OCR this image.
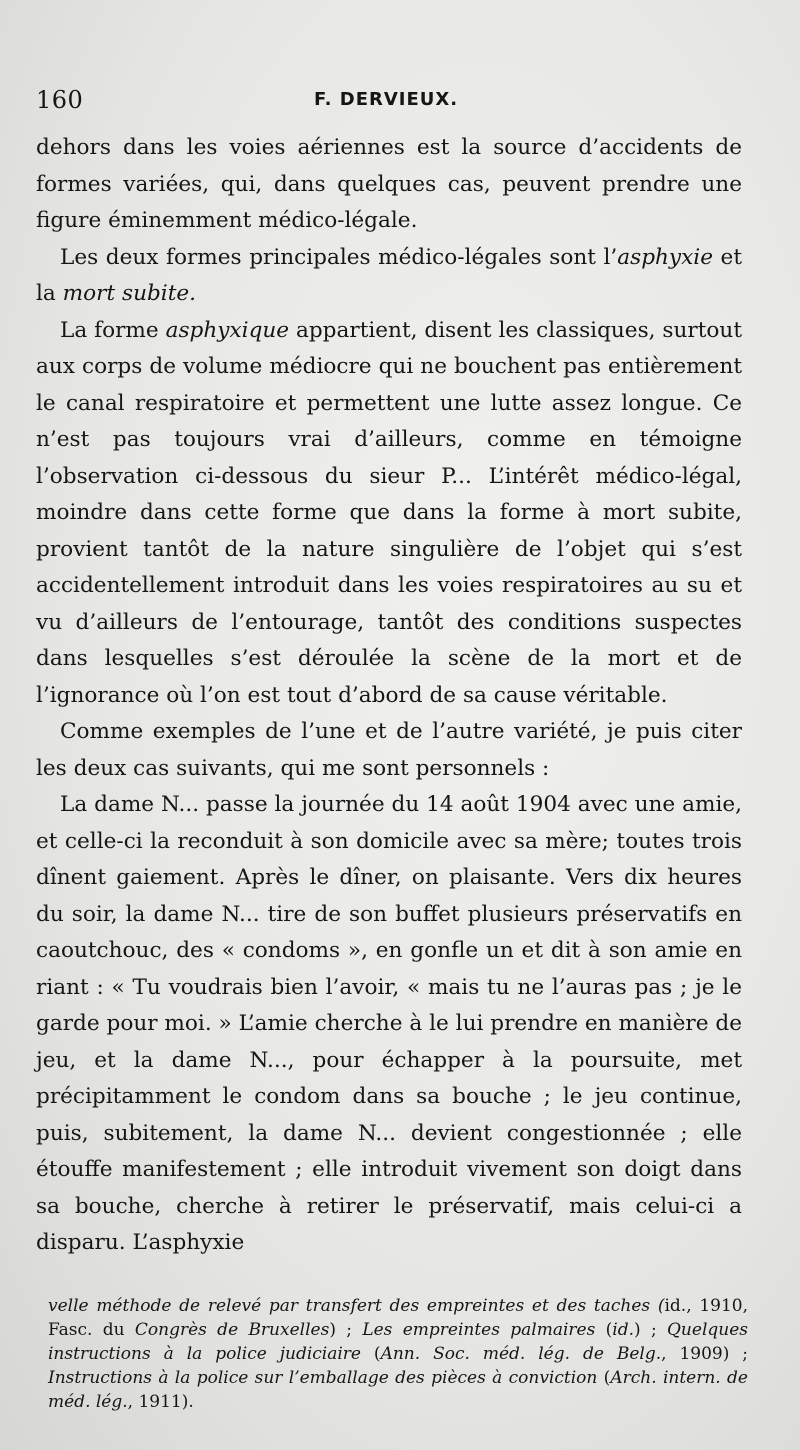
160	F. DERVIEUX.

dehors dans les voies aériennes est la source d’accidents de formes variées, qui, dans quelques cas, peuvent prendre une figure éminemment médico-légale.

Les deux formes principales médico-légales sont l’asphyxie et la mort subite.

La forme asphyxique appartient, disent les classiques, surtout aux corps de volume médiocre qui ne bouchent pas entièrement le canal respiratoire et permettent une lutte assez longue. Ce n’est pas toujours vrai d’ailleurs, comme en témoigne l’observation ci-dessous du sieur P... L’intérêt médico-légal, moindre dans cette forme que dans la forme à mort subite, provient tantôt de la nature singulière de l’objet qui s’est accidentellement introduit dans les voies respiratoires au su et vu d’ailleurs de l’entourage, tantôt des conditions suspectes dans lesquelles s’est déroulée la scène de la mort et de l’ignorance où l’on est tout d’abord de sa cause véritable.

Comme exemples de l’une et de l’autre variété, je puis citer les deux cas suivants, qui me sont personnels :

La dame N... passe la journée du 14 août 1904 avec une amie, et celle-ci la reconduit à son domicile avec sa mère; toutes trois dînent gaiement. Après le dîner, on plaisante. Vers dix heures du soir, la dame N... tire de son buffet plusieurs préservatifs en caoutchouc, des « condoms », en gonfle un et dit à son amie en riant : « Tu voudrais bien l’avoir, « mais tu ne l’auras pas ; je le garde pour moi. » L’amie cherche à le lui prendre en manière de jeu, et la dame N..., pour échapper à la poursuite, met précipitamment le condom dans sa bouche ; le jeu continue, puis, subitement, la dame N... devient congestionnée ; elle étouffe manifestement ; elle introduit vivement son doigt dans sa bouche, cherche à retirer le préservatif, mais celui-ci a disparu. L’asphyxie

velle méthode de relevé par transfert des empreintes et des taches (id., 1910, Fasc. du Congrès de Bruxelles) ; Les empreintes palmaires (id.) ; Quelques instructions à la police judiciaire (Ann. Soc. méd. lég. de Belg., 1909) ; Instructions à la police sur l’emballage des pièces à conviction (Arch. intern. de méd. lég., 1911).
